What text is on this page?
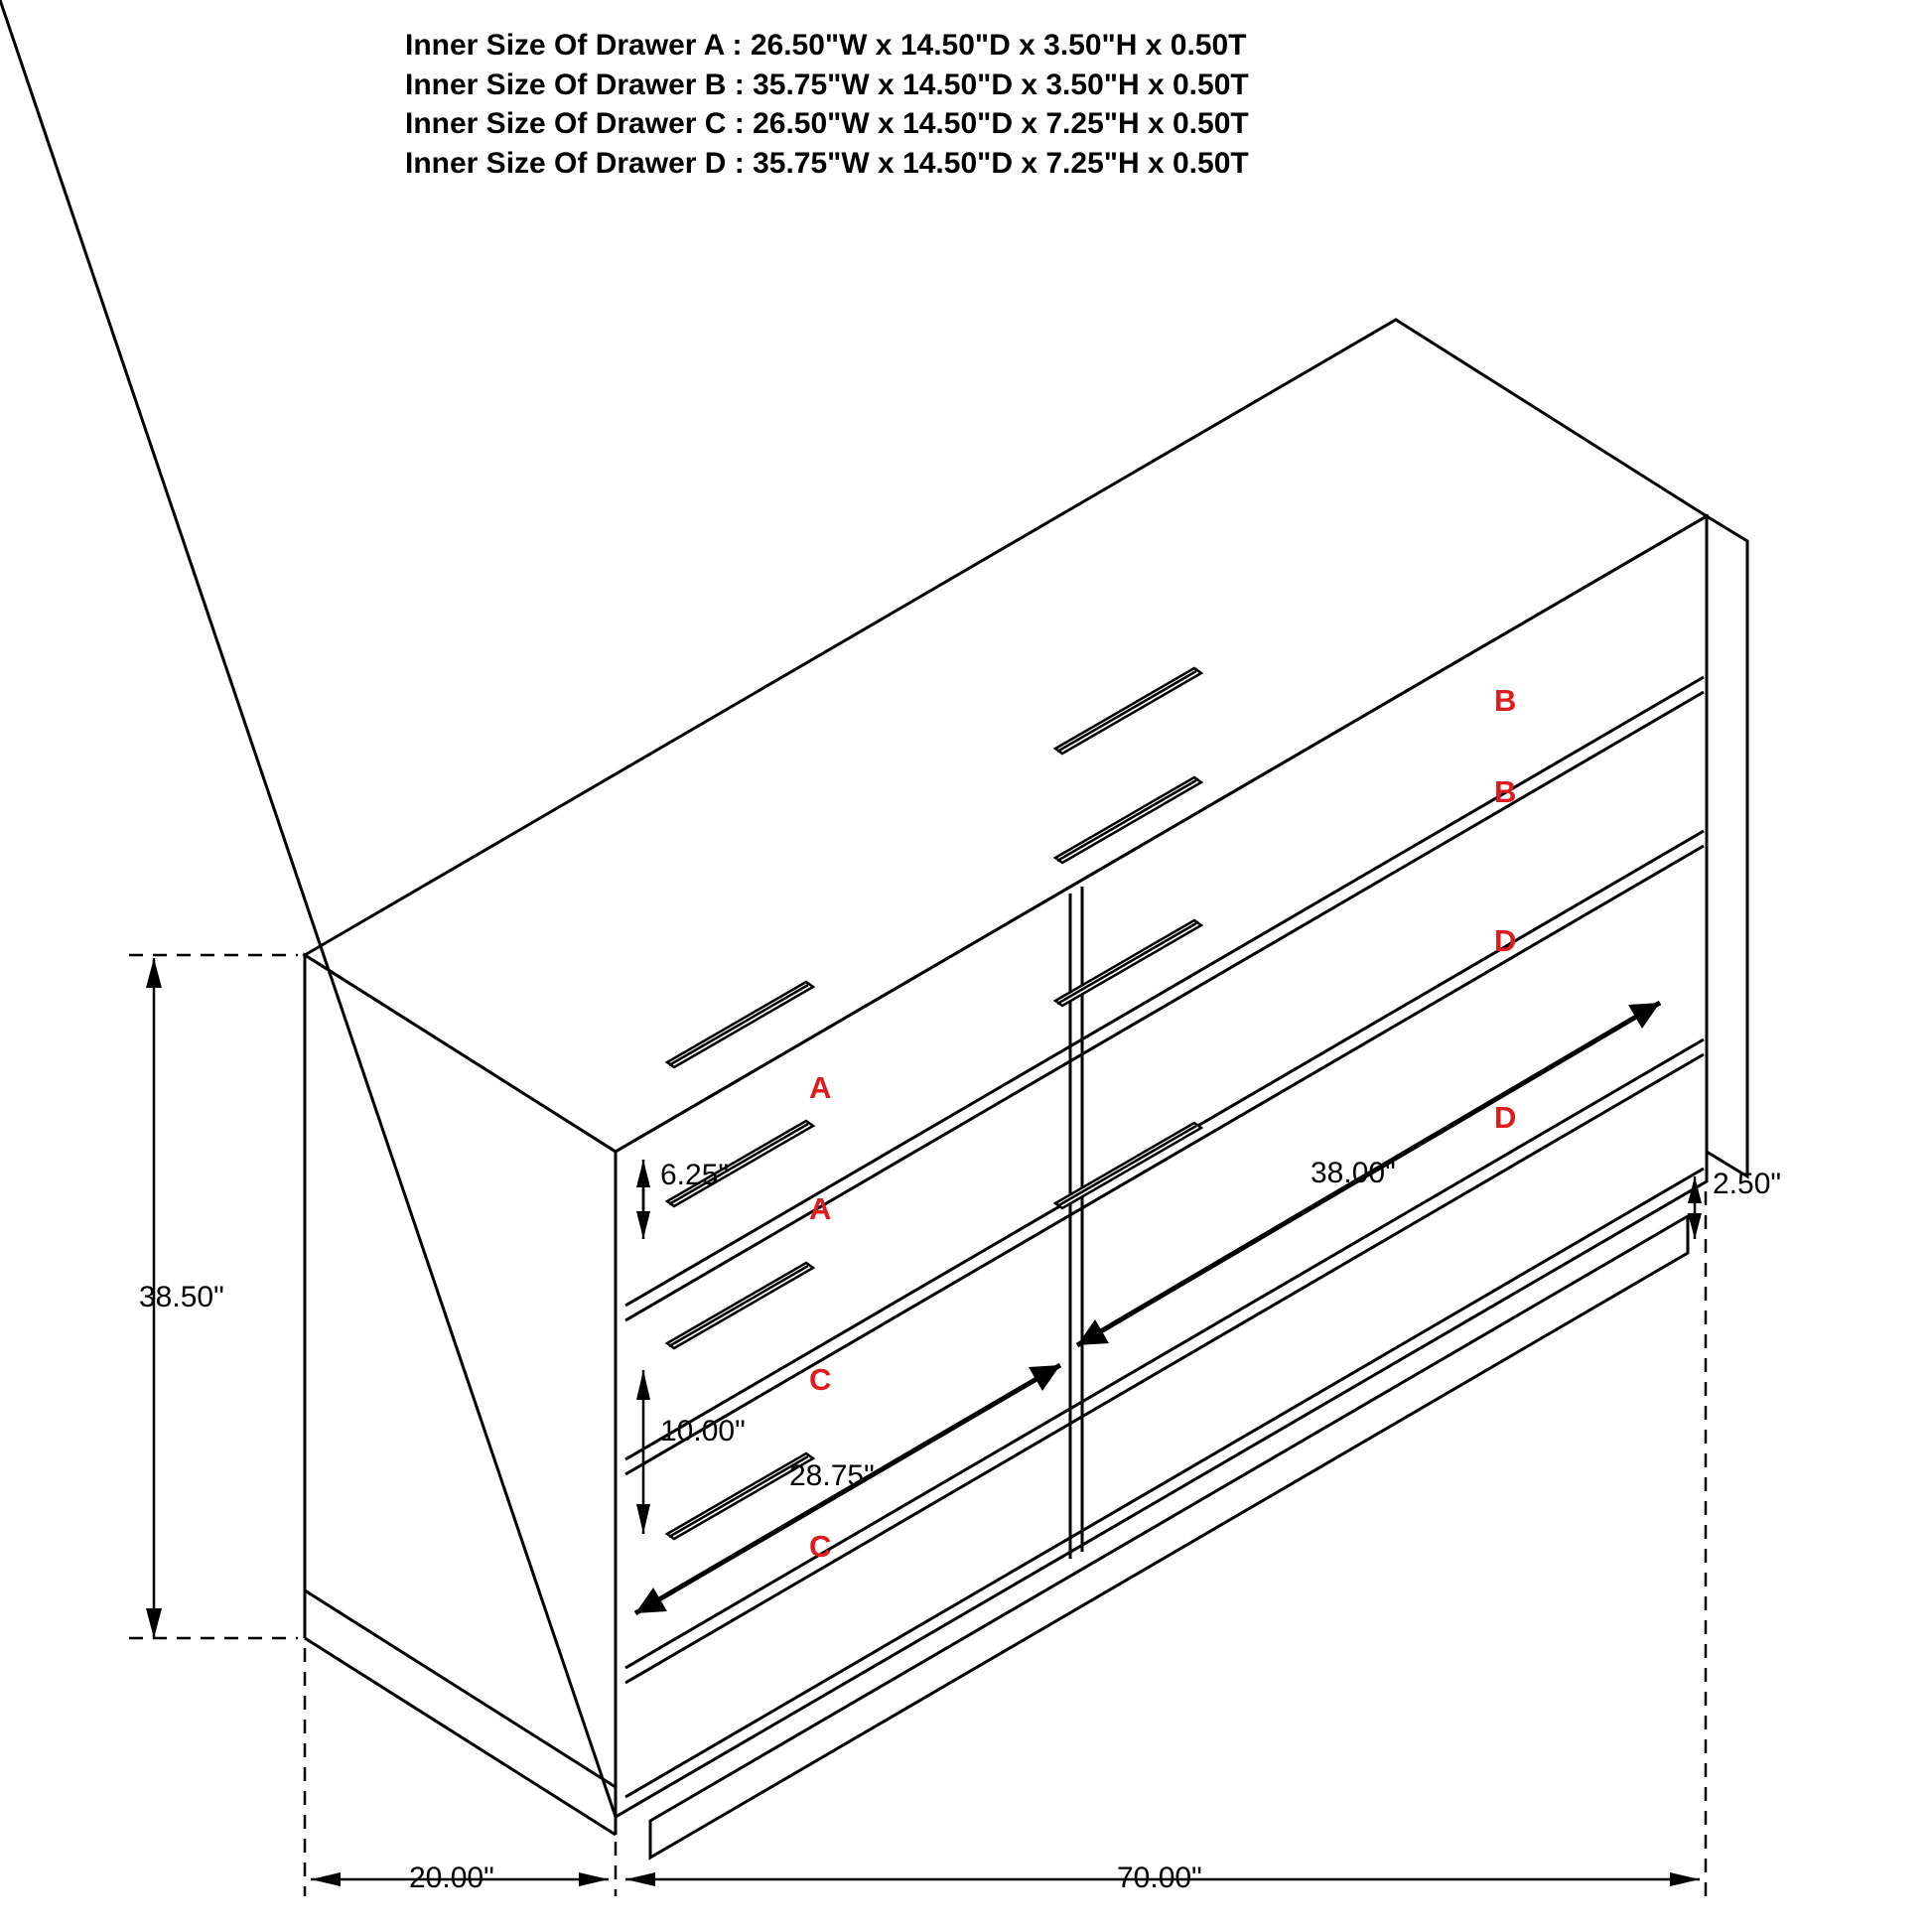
Inner Size Of Drawer A : 26.50"W x 14.50"D x 3.50"H x 0.50T
Inner Size Of Drawer B : 35.75"W x 14.50"D x 3.50"H x 0.50T
Inner Size Of Drawer C : 26.50"W x 14.50"D x 7.25"H x 0.50T
Inner Size Of Drawer D : 35.75"W x 14.50"D x 7.25"H x 0.50T
38.50"
6.25"
10.00"
2.50"
20.00"	70.00"
28.75"
38.00"
B
B
D
D
A
A
C
C
